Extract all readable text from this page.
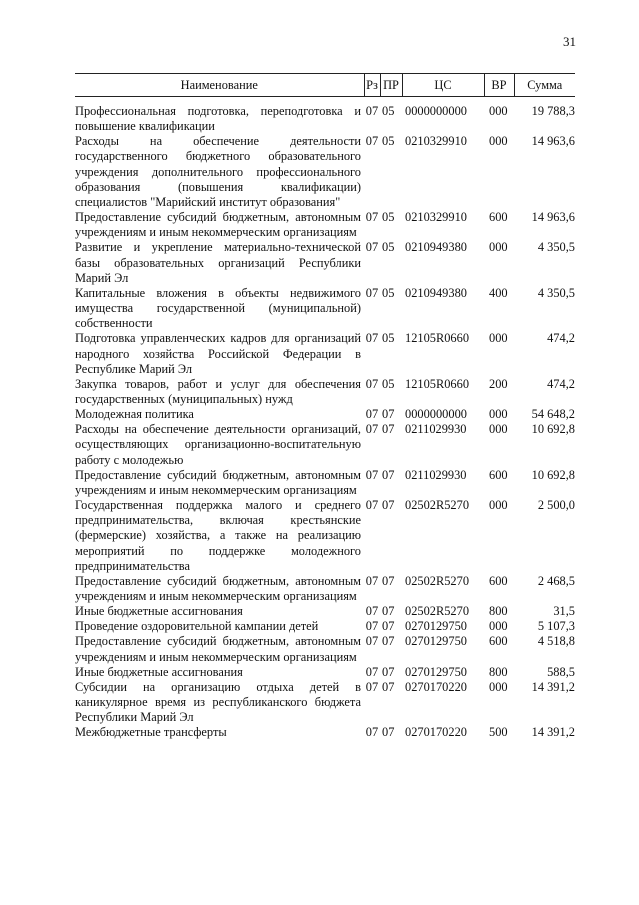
31
Наименование	Рз	ПР	ЦС	ВР	Сумма
Профессиональная подготовка, переподготовка и повышение квалификации	07	05	0000000000	000	19 788,3
Расходы на обеспечение деятельности государственного бюджетного образовательного учреждения дополнительного профессионального образования (повышения квалификации) специалистов "Марийский институт образования"	07	05	0210329910	000	14 963,6
Предоставление субсидий бюджетным, автономным учреждениям и иным некоммерческим организациям	07	05	0210329910	600	14 963,6
Развитие и укрепление материально-технической базы образовательных организаций Республики Марий Эл	07	05	0210949380	000	4 350,5
Капитальные вложения в объекты недвижимого имущества государственной (муниципальной) собственности	07	05	0210949380	400	4 350,5
Подготовка управленческих кадров для организаций народного хозяйства Российской Федерации в Республике Марий Эл	07	05	12105R0660	000	474,2
Закупка товаров, работ и услуг для обеспечения государственных (муниципальных) нужд	07	05	12105R0660	200	474,2
Молодежная политика	07	07	0000000000	000	54 648,2
Расходы на обеспечение деятельности организаций, осуществляющих организационно-воспитательную работу с молодежью	07	07	0211029930	000	10 692,8
Предоставление субсидий бюджетным, автономным учреждениям и иным некоммерческим организациям	07	07	0211029930	600	10 692,8
Государственная поддержка малого и среднего предпринимательства, включая крестьянские (фермерские) хозяйства, а также на реализацию мероприятий по поддержке молодежного предпринимательства	07	07	02502R5270	000	2 500,0
Предоставление субсидий бюджетным, автономным учреждениям и иным некоммерческим организациям	07	07	02502R5270	600	2 468,5
Иные бюджетные ассигнования	07	07	02502R5270	800	31,5
Проведение оздоровительной кампании детей	07	07	0270129750	000	5 107,3
Предоставление субсидий бюджетным, автономным учреждениям и иным некоммерческим организациям	07	07	0270129750	600	4 518,8
Иные бюджетные ассигнования	07	07	0270129750	800	588,5
Субсидии на организацию отдыха детей в каникулярное время из республиканского бюджета Республики Марий Эл	07	07	0270170220	000	14 391,2
Межбюджетные трансферты	07	07	0270170220	500	14 391,2
